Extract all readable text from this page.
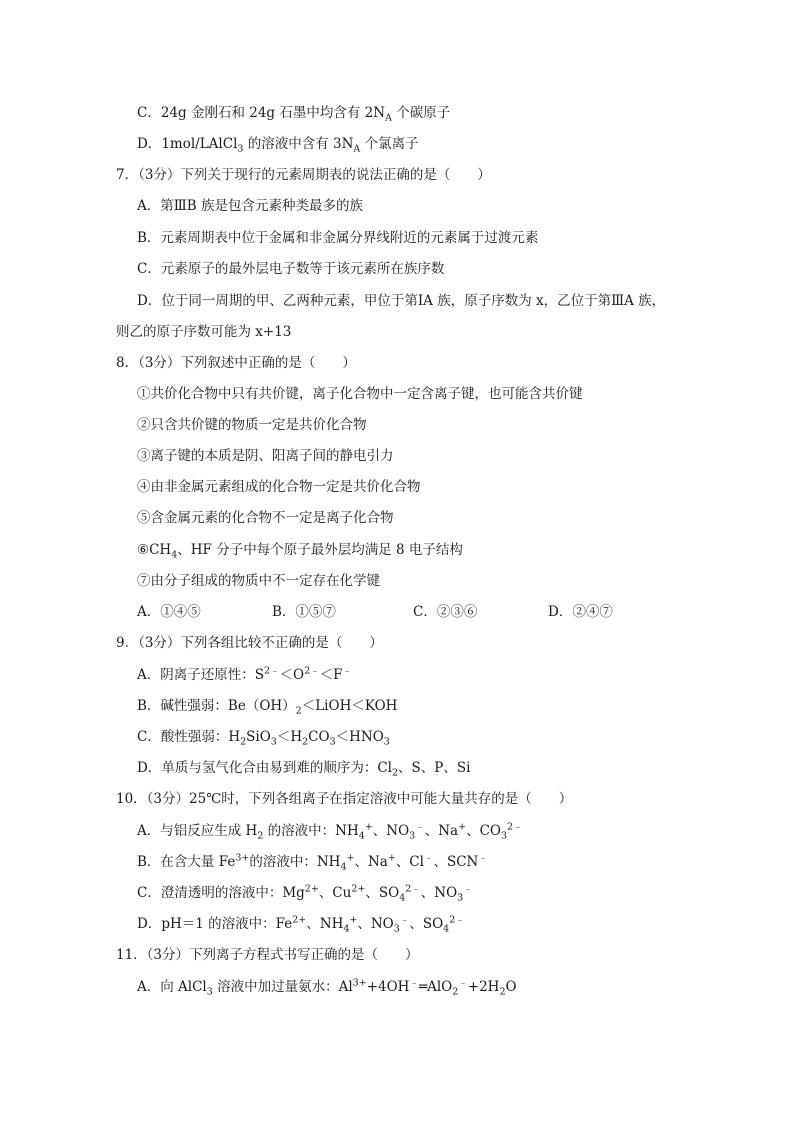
C．24g 金刚石和 24g 石墨中均含有 $2N_A$ 个碳原子
D．1mol/LAlCl$_3$ 的溶液中含有 $3N_A$ 个氯离子
7．（3分）下列关于现行的元素周期表的说法正确的是（　　）
A．第ⅢB 族是包含元素种类最多的族
B．元素周期表中位于金属和非金属分界线附近的元素属于过渡元素
C．元素原子的最外层电子数等于该元素所在族序数
D．位于同一周期的甲、乙两种元素，甲位于第ⅠA 族，原子序数为 x，乙位于第ⅢA 族，
则乙的原子序数可能为 x+13
8．（3分）下列叙述中正确的是（　　）
①共价化合物中只有共价键，离子化合物中一定含离子键，也可能含共价键
②只含共价键的物质一定是共价化合物
③离子键的本质是阴、阳离子间的静电引力
④由非金属元素组成的化合物一定是共价化合物
⑤含金属元素的化合物不一定是离子化合物
$⑥CH_4$、HF 分子中每个原子最外层均满足 8 电子结构
⑦由分子组成的物质中不一定存在化学键
A．①④⑤	B．①⑤⑦	C．②③⑥	D．②④⑦
9．（3分）下列各组比较不正确的是（　　）
A．阴离子还原性：$S^{2﹣}<O^{2﹣}<F^﹣$
B．碱性强弱：$Be(OH)_2<LiOH<KOH$
C．酸性强弱：$H_2SiO_3<H_2CO_3<HNO_3$
D．单质与氢气化合由易到难的顺序为：$Cl_2$、S、P、Si
10．（3分）25℃时，下列各组离子在指定溶液中可能大量共存的是（　　）
A．与铝反应生成 $H_2$ 的溶液中：$NH_4^+$、$NO_3^﹣$、Na+、$CO_3^{2﹣}$
B．在含大量 $Fe^{3+}$的溶液中：$NH_4^+$、Na+、Cl﹣、SCN﹣
C．澄清透明的溶液中：$Mg^{2+}$、$Cu^{2+}$、$SO_4^{2﹣}$、$NO_3^﹣$
D．pH＝1 的溶液中：$Fe^{2+}$、$NH_4^+$、$NO_3^﹣$、$SO_4^{2﹣}$
11．（3分）下列离子方程式书写正确的是（　　）
A．向 AlCl$_3$ 溶液中加过量氨水：$Al^{3+}+4OH^﹣═AlO_2^﹣+2H_2O$
